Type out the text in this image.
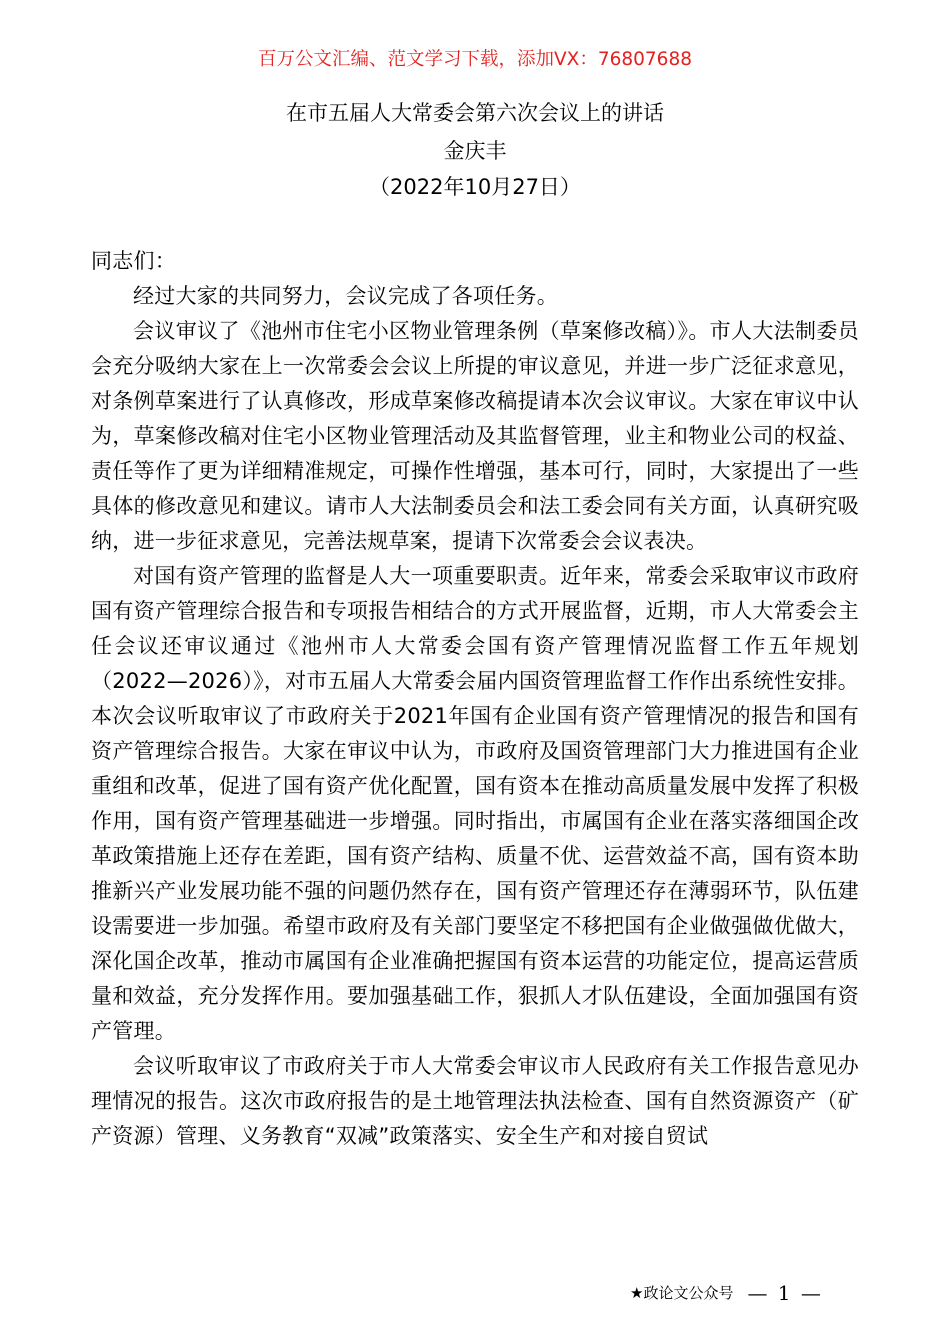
百万公文汇编、范文学习下载，添加VX：76807688
在市五届人大常委会第六次会议上的讲话
金庆丰
（2022年10月27日）

同志们：

经过大家的共同努力，会议完成了各项任务。

会议审议了《池州市住宅小区物业管理条例（草案修改稿）》。市人大法制委员会充分吸纳大家在上一次常委会会议上所提的审议意见，并进一步广泛征求意见，对条例草案进行了认真修改，形成草案修改稿提请本次会议审议。大家在审议中认为，草案修改稿对住宅小区物业管理活动及其监督管理，业主和物业公司的权益、责任等作了更为详细精准规定，可操作性增强，基本可行，同时，大家提出了一些具体的修改意见和建议。请市人大法制委员会和法工委会同有关方面，认真研究吸纳，进一步征求意见，完善法规草案，提请下次常委会会议表决。

对国有资产管理的监督是人大一项重要职责。近年来，常委会采取审议市政府国有资产管理综合报告和专项报告相结合的方式开展监督，近期，市人大常委会主任会议还审议通过《池州市人大常委会国有资产管理情况监督工作五年规划（2022—2026）》，对市五届人大常委会届内国资管理监督工作作出系统性安排。本次会议听取审议了市政府关于2021年国有企业国有资产管理情况的报告和国有资产管理综合报告。大家在审议中认为，市政府及国资管理部门大力推进国有企业重组和改革，促进了国有资产优化配置，国有资本在推动高质量发展中发挥了积极作用，国有资产管理基础进一步增强。同时指出，市属国有企业在落实落细国企改革政策措施上还存在差距，国有资产结构、质量不优、运营效益不高，国有资本助推新兴产业发展功能不强的问题仍然存在，国有资产管理还存在薄弱环节，队伍建设需要进一步加强。希望市政府及有关部门要坚定不移把国有企业做强做优做大，深化国企改革，推动市属国有企业准确把握国有资本运营的功能定位，提高运营质量和效益，充分发挥作用。要加强基础工作，狠抓人才队伍建设，全面加强国有资产管理。

会议听取审议了市政府关于市人大常委会审议市人民政府有关工作报告意见办理情况的报告。这次市政府报告的是土地管理法执法检查、国有自然资源资产（矿产资源）管理、义务教育“双减”政策落实、安全生产和对接自贸试

★政论文公众号 — 1 —
